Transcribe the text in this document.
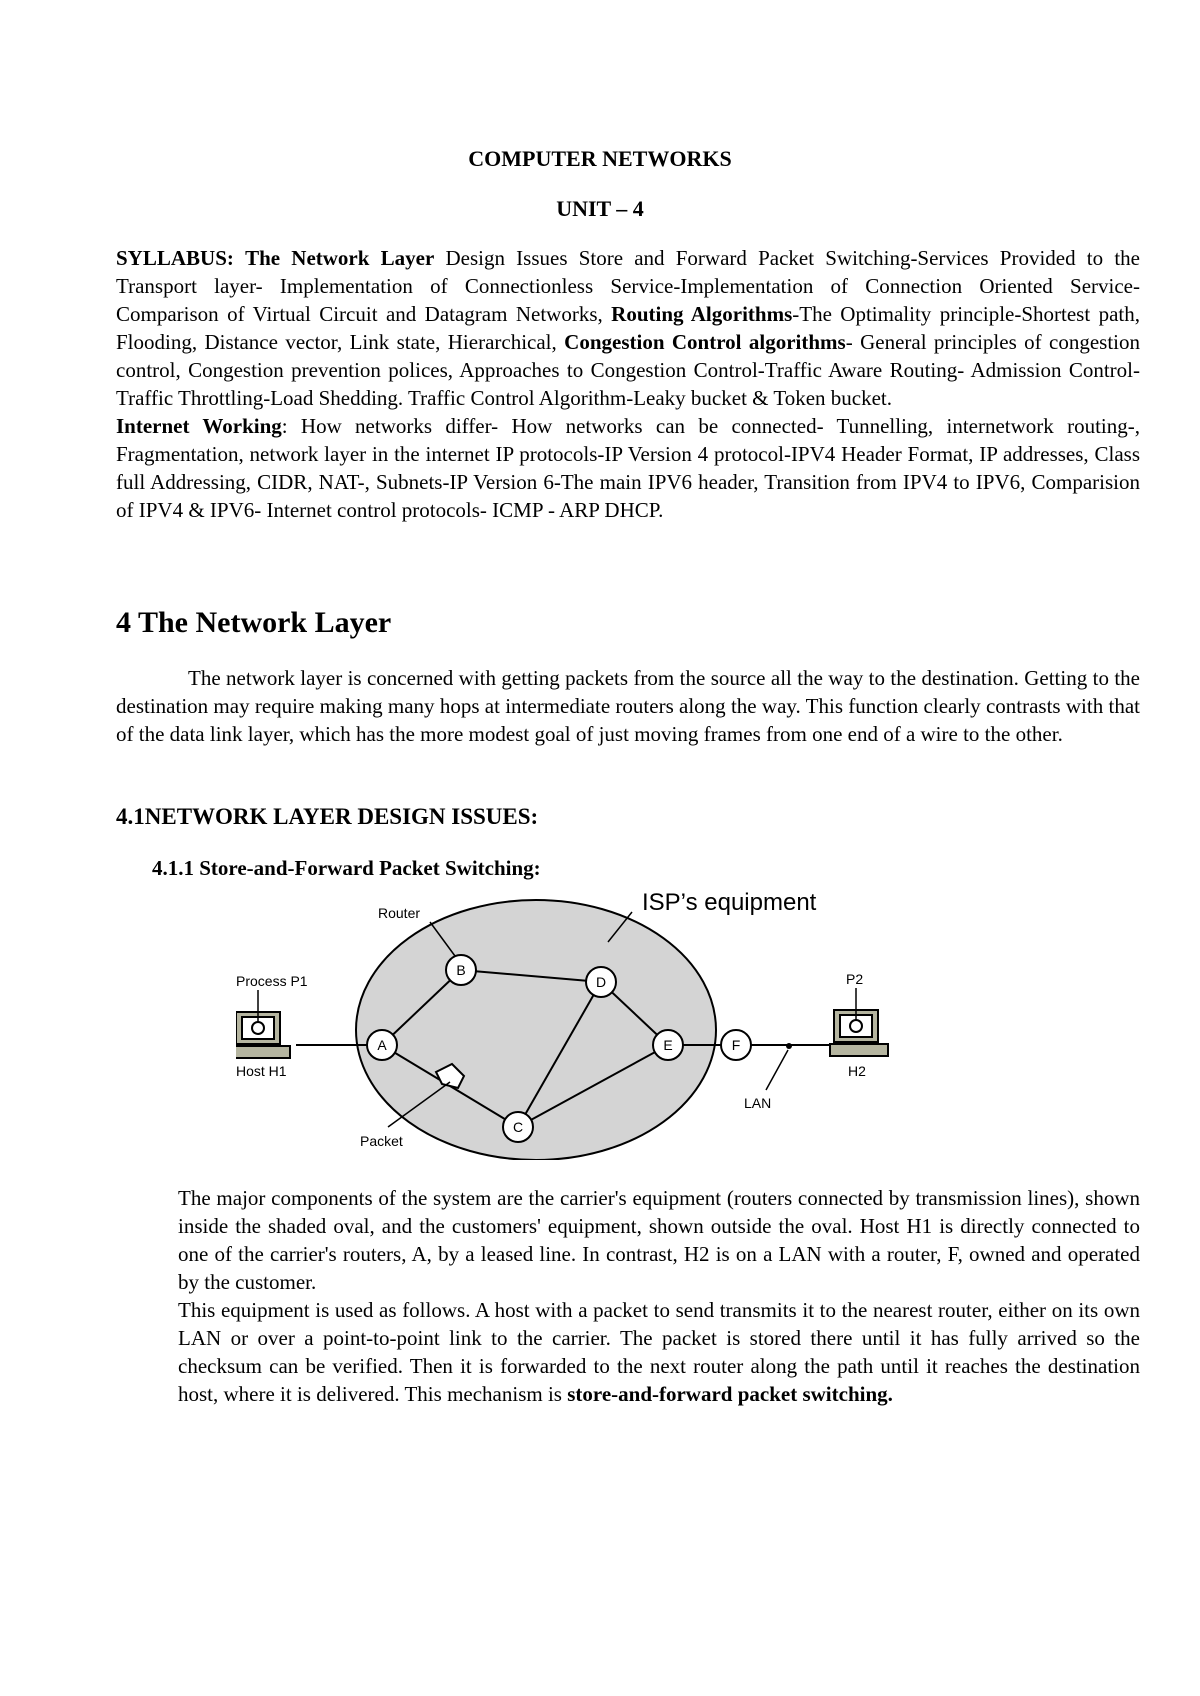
COMPUTER NETWORKS
UNIT – 4

SYLLABUS: The Network Layer Design Issues Store and Forward Packet Switching-Services Provided to the Transport layer- Implementation of Connectionless Service-Implementation of Connection Oriented Service- Comparison of Virtual Circuit and Datagram Networks, Routing Algorithms-The Optimality principle-Shortest path, Flooding, Distance vector, Link state, Hierarchical, Congestion Control algorithms- General principles of congestion control, Congestion prevention polices, Approaches to Congestion Control-Traffic Aware Routing- Admission Control-Traffic Throttling-Load Shedding. Traffic Control Algorithm-Leaky bucket & Token bucket.

Internet Working: How networks differ- How networks can be connected- Tunnelling, internetwork routing-, Fragmentation, network layer in the internet IP protocols-IP Version 4 protocol-IPV4 Header Format, IP addresses, Class full Addressing, CIDR, NAT-, Subnets-IP Version 6-The main IPV6 header, Transition from IPV4 to IPV6, Comparision of IPV4 & IPV6- Internet control protocols- ICMP - ARP DHCP.

4 The Network Layer

The network layer is concerned with getting packets from the source all the way to the destination. Getting to the destination may require making many hops at intermediate routers along the way. This function clearly contrasts with that of the data link layer, which has the more modest goal of just moving frames from one end of a wire to the other.

4.1NETWORK LAYER DESIGN ISSUES:
4.1.1 Store-and-Forward Packet Switching:
A
B
C
D
E	F
Router
Process P1
Host H1
P2
H2
LAN
Packet
ISP’s equipment

The major components of the system are the carrier's equipment (routers connected by transmission lines), shown inside the shaded oval, and the customers' equipment, shown outside the oval. Host H1 is directly connected to one of the carrier's routers, A, by a leased line. In contrast, H2 is on a LAN with a router, F, owned and operated by the customer.

This equipment is used as follows. A host with a packet to send transmits it to the nearest router, either on its own LAN or over a point-to-point link to the carrier. The packet is stored there until it has fully arrived so the checksum can be verified. Then it is forwarded to the next router along the path until it reaches the destination host, where it is delivered. This mechanism is store-and-forward packet switching.
